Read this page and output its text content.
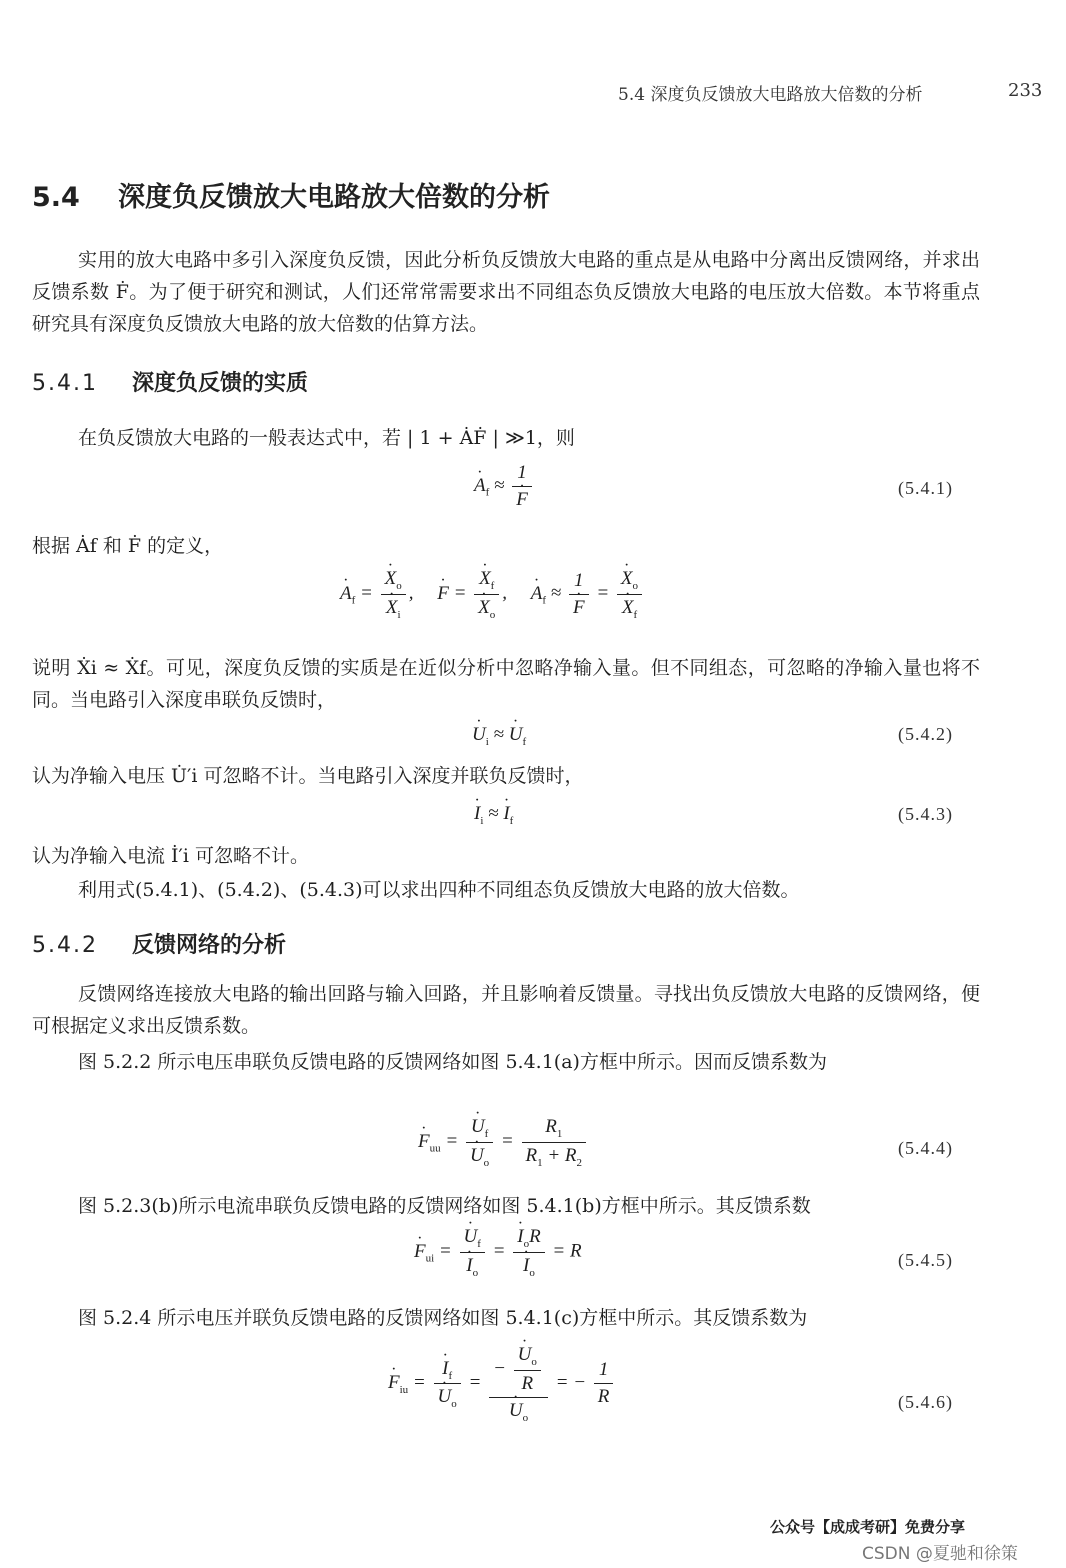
5.4 深度负反馈放大电路放大倍数的分析	233
5.4 深度负反馈放大电路放大倍数的分析
实用的放大电路中多引入深度负反馈，因此分析负反馈放大电路的重点是从电路中分离出反馈网络，并求出反馈系数 Ḟ。为了便于研究和测试，人们还常常需要求出不同组态负反馈放大电路的电压放大倍数。本节将重点研究具有深度负反馈放大电路的放大倍数的估算方法。
5.4.1 深度负反馈的实质
在负反馈放大电路的一般表达式中，若 | 1 + ȦḞ | ≫1，则
· $A_f \approx 1$
· F	(5.4.1)
根据 Ȧf 和 Ḟ 的定义，
· $A_f$ = · $X_o$
· $X_i$ ,     · F = · $X_f$
· $X_o$ ,     · $A_f \approx 1$
· F = · $X_o$
· $X_f$
说明 Ẋi ≈ Ẋf。可见，深度负反馈的实质是在近似分析中忽略净输入量。但不同组态，可忽略的净输入量也将不同。当电路引入深度串联负反馈时，
· $U_i$ ≈ · $U_f$	(5.4.2)
认为净输入电压 U̇′i 可忽略不计。当电路引入深度并联负反馈时，
· $I_i$ ≈ · $I_f$	(5.4.3)
认为净输入电流 İ′i 可忽略不计。
利用式(5.4.1)、(5.4.2)、(5.4.3)可以求出四种不同组态负反馈放大电路的放大倍数。
5.4.2 反馈网络的分析
反馈网络连接放大电路的输出回路与输入回路，并且影响着反馈量。寻找出负反馈放大电路的反馈网络，便可根据定义求出反馈系数。
图 5.2.2 所示电压串联负反馈电路的反馈网络如图 5.4.1(a)方框中所示。因而反馈系数为
· $F_{uu}$ = · $U_f$
· $U_o = \frac{R_1}{R_1 + R_2}$	(5.4.4)
图 5.2.3(b)所示电流串联负反馈电路的反馈网络如图 5.4.1(b)方框中所示。其反馈系数
· $F_{ui}$ = · $U_f$
· $I_o$ = · $I_oR$
· $I_o = R$	(5.4.5)
图 5.2.4 所示电压并联负反馈电路的反馈网络如图 5.4.1(c)方框中所示。其反馈系数为
· $F_{iu}$ = · $I_f$
· $U_o$ = − · $\frac{U_o}{R}$
· $U_o$ = − $\frac{1}{R}$	(5.4.6)
公众号【成成考研】免费分享
CSDN @夏驰和徐策
